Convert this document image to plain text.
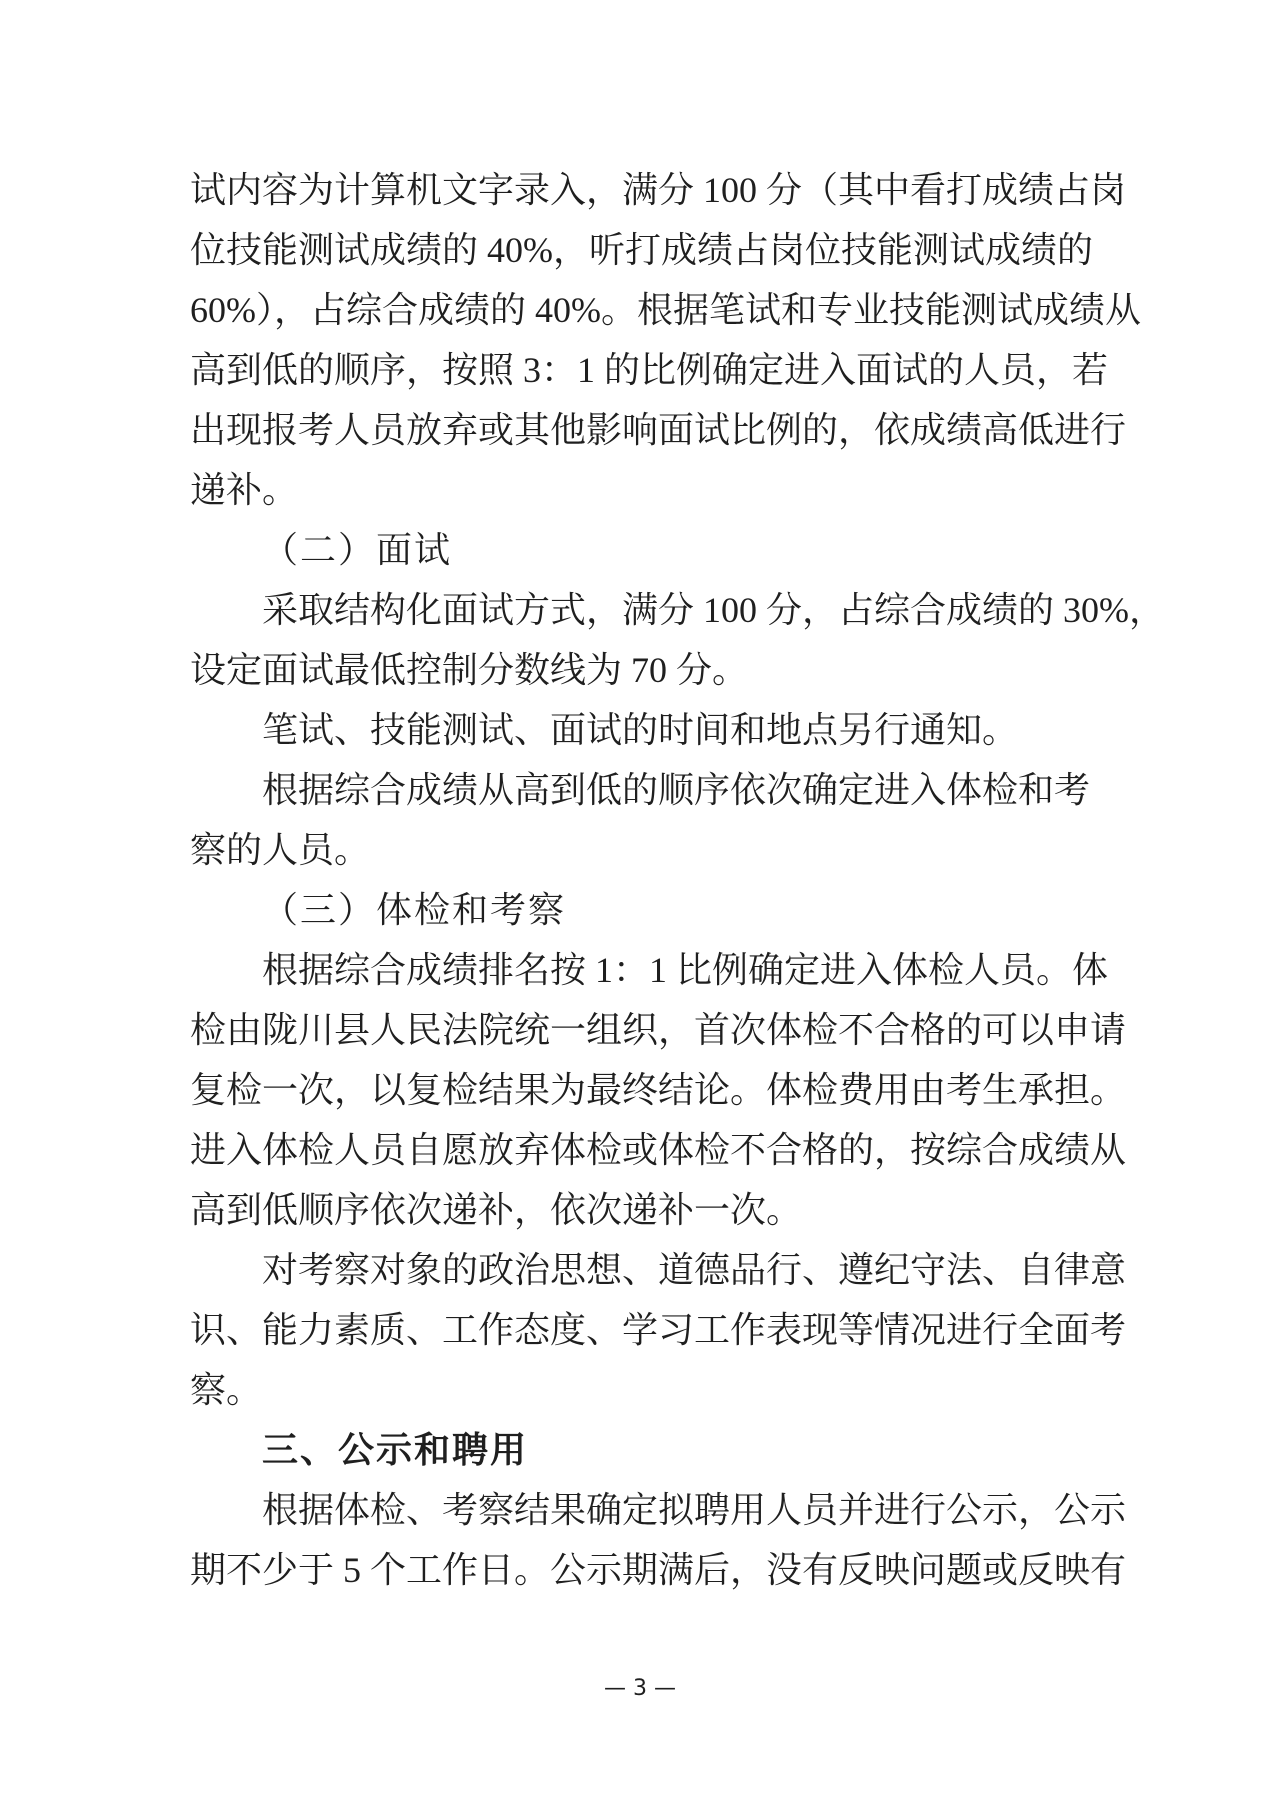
试内容为计算机文字录入，满分 100 分（其中看打成绩占岗
位技能测试成绩的 40%，听打成绩占岗位技能测试成绩的
60%），占综合成绩的 40%。根据笔试和专业技能测试成绩从
高到低的顺序，按照 3：1 的比例确定进入面试的人员，若
出现报考人员放弃或其他影响面试比例的，依成绩高低进行
递补。
（二）面试
采取结构化面试方式，满分 100 分，占综合成绩的 30%，
设定面试最低控制分数线为 70 分。
笔试、技能测试、面试的时间和地点另行通知。
根据综合成绩从高到低的顺序依次确定进入体检和考
察的人员。
（三）体检和考察
根据综合成绩排名按 1：1 比例确定进入体检人员。体
检由陇川县人民法院统一组织，首次体检不合格的可以申请
复检一次，以复检结果为最终结论。体检费用由考生承担。
进入体检人员自愿放弃体检或体检不合格的，按综合成绩从
高到低顺序依次递补，依次递补一次。
对考察对象的政治思想、道德品行、遵纪守法、自律意
识、能力素质、工作态度、学习工作表现等情况进行全面考
察。
三、公示和聘用
根据体检、考察结果确定拟聘用人员并进行公示，公示
期不少于 5 个工作日。公示期满后，没有反映问题或反映有
— 3 —
